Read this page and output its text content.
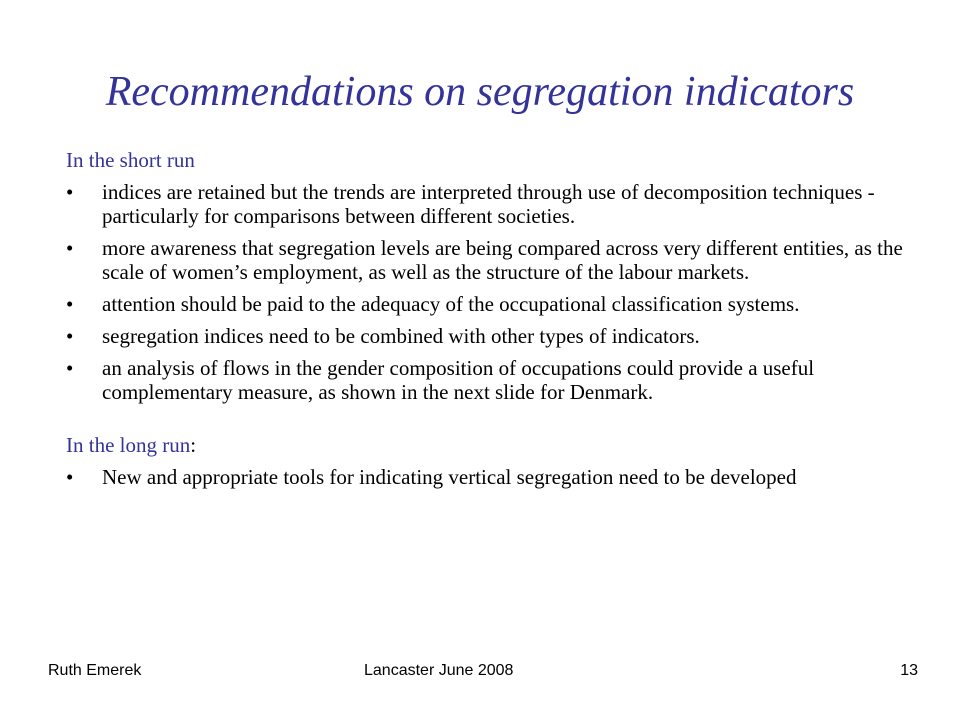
Recommendations on segregation indicators
In the short run
•	indices are retained but the trends are interpreted through use of decomposition techniques - particularly for comparisons between different societies.
•	more awareness that segregation levels are being compared across very different entities, as the scale of women’s employment, as well as the structure of the labour markets.
•	attention should be paid to the adequacy of the occupational classification systems.
•	segregation indices need to be combined with other types of indicators.
•	an analysis of flows in the gender composition of occupations could provide a useful complementary measure, as shown in the next slide for Denmark.
In the long run:
•	New and appropriate tools for indicating vertical segregation need to be developed
Ruth Emerek	Lancaster June 2008	13
